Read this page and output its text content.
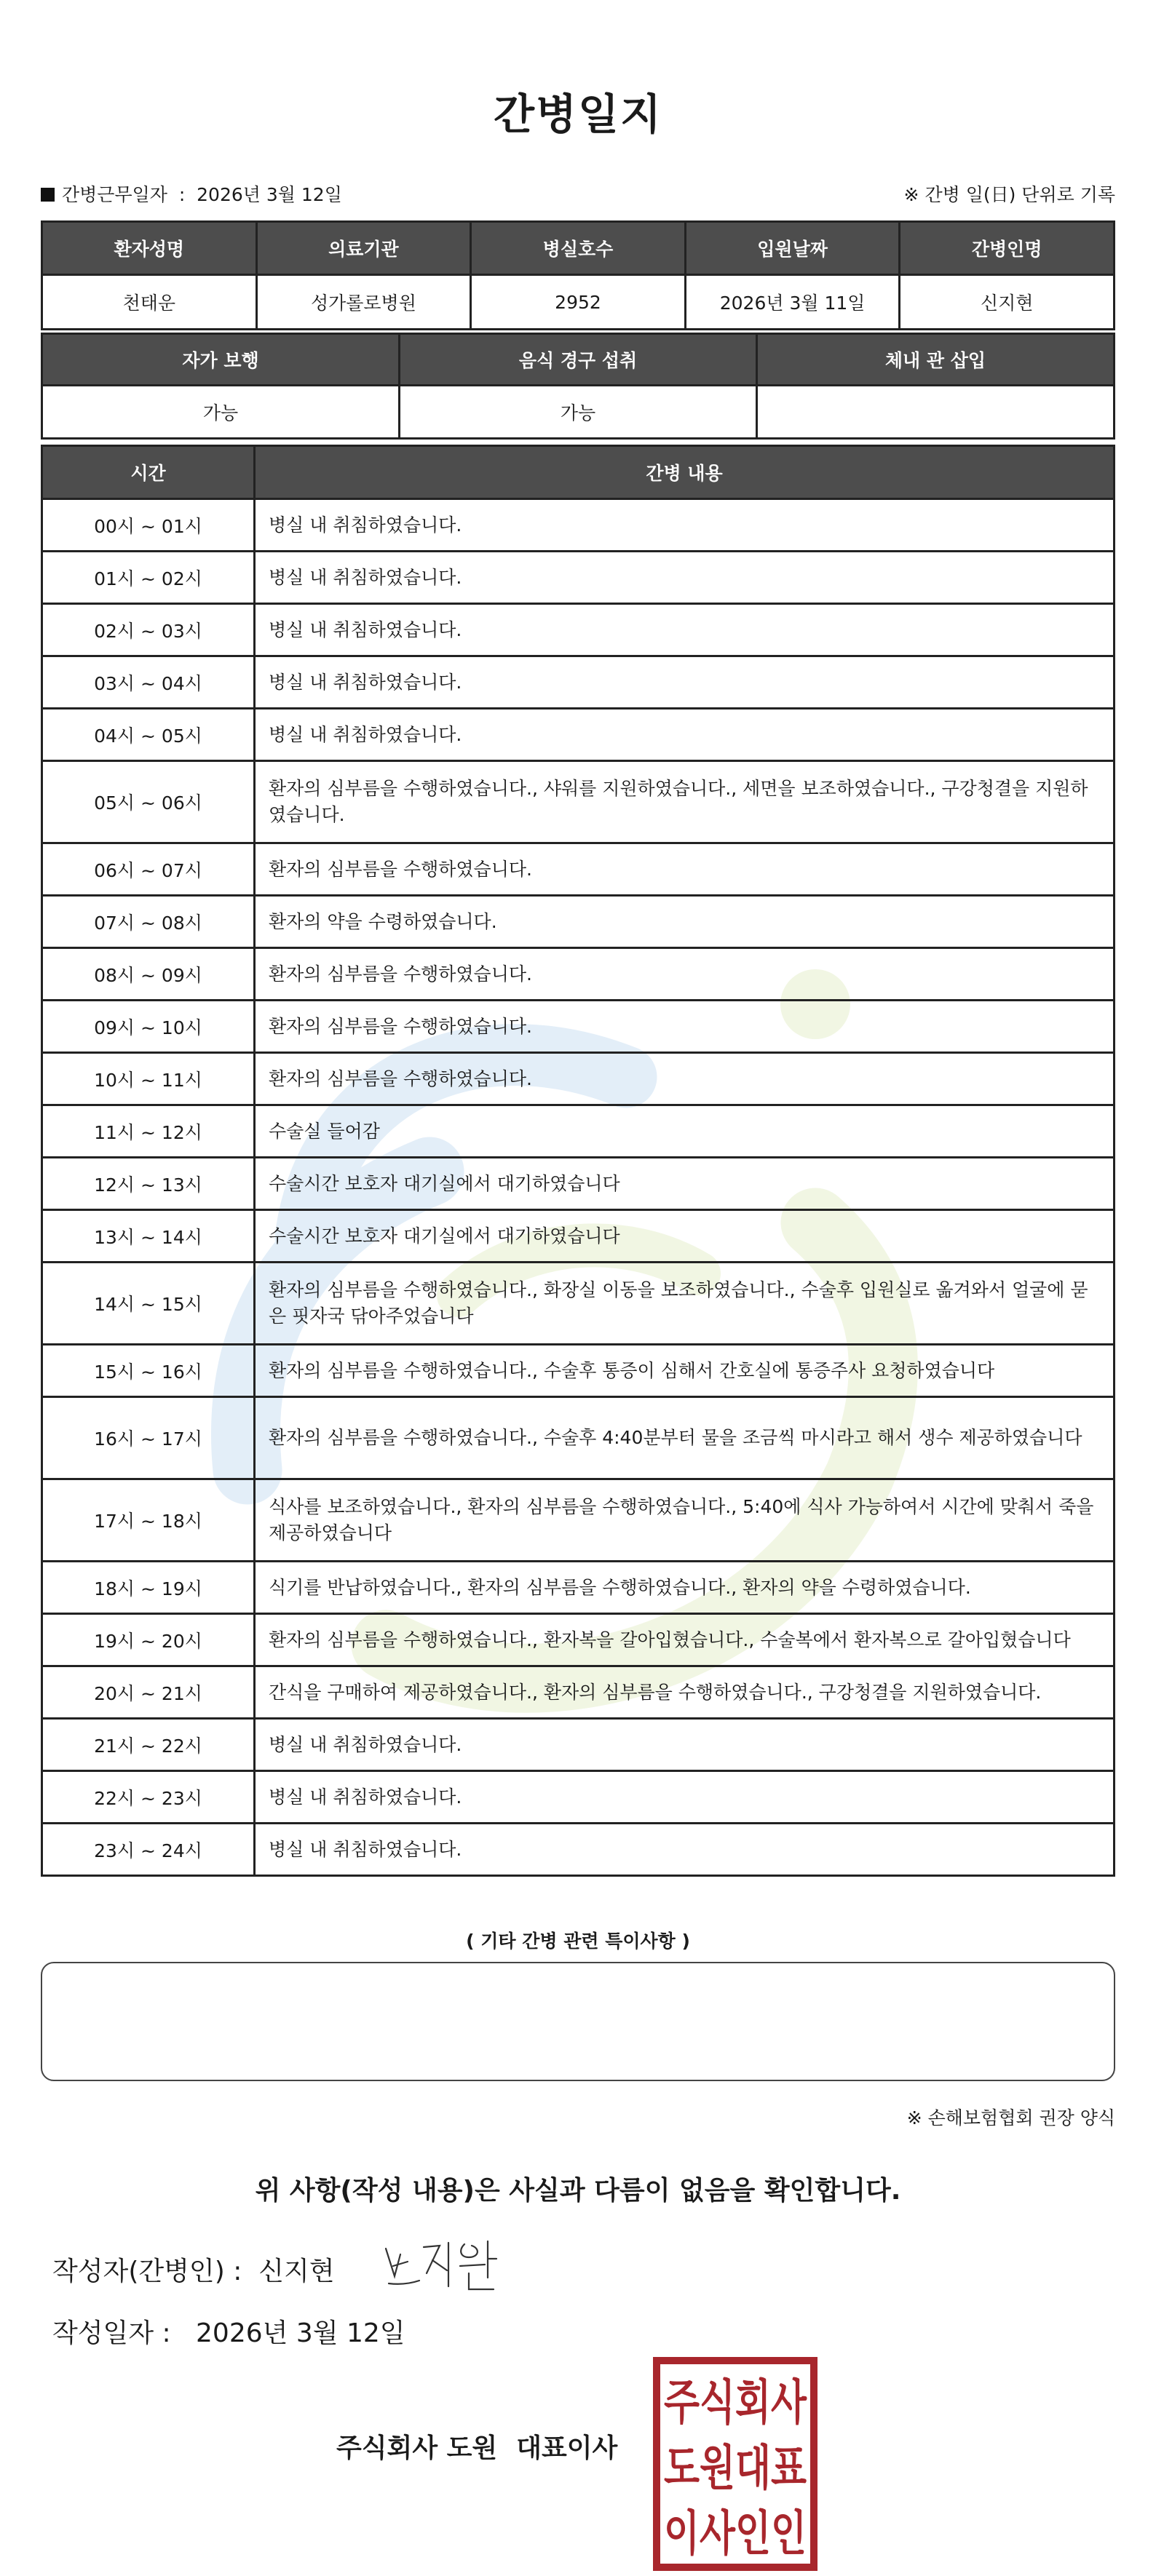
간병일지
간병근무일자 : 2026년 3월 12일	※ 간병 일(日) 단위로 기록
환자성명	의료기관	병실호수	입원날짜	간병인명
천태운	성가롤로병원	2952	2026년 3월 11일	신지현
자가 보행	음식 경구 섭취	체내 관 삽입
가능	가능	
시간	간병 내용
00시 ~ 01시	병실 내 취침하였습니다.
01시 ~ 02시	병실 내 취침하였습니다.
02시 ~ 03시	병실 내 취침하였습니다.
03시 ~ 04시	병실 내 취침하였습니다.
04시 ~ 05시	병실 내 취침하였습니다.
05시 ~ 06시	환자의 심부름을 수행하였습니다., 샤워를 지원하였습니다., 세면을 보조하였습니다., 구강청결을 지원하였습니다.
06시 ~ 07시	환자의 심부름을 수행하였습니다.
07시 ~ 08시	환자의 약을 수령하였습니다.
08시 ~ 09시	환자의 심부름을 수행하였습니다.
09시 ~ 10시	환자의 심부름을 수행하였습니다.
10시 ~ 11시	환자의 심부름을 수행하였습니다.
11시 ~ 12시	수술실 들어감
12시 ~ 13시	수술시간 보호자 대기실에서 대기하였습니다
13시 ~ 14시	수술시간 보호자 대기실에서 대기하였습니다
14시 ~ 15시	환자의 심부름을 수행하였습니다., 화장실 이동을 보조하였습니다., 수술후 입원실로 옮겨와서 얼굴에 묻은 핏자국 닦아주었습니다
15시 ~ 16시	환자의 심부름을 수행하였습니다., 수술후 통증이 심해서 간호실에 통증주사 요청하였습니다
16시 ~ 17시	환자의 심부름을 수행하였습니다., 수술후 4:40분부터 물을 조금씩 마시라고 해서 생수 제공하였습니다
17시 ~ 18시	식사를 보조하였습니다., 환자의 심부름을 수행하였습니다., 5:40에 식사 가능하여서 시간에 맞춰서 죽을 제공하였습니다
18시 ~ 19시	식기를 반납하였습니다., 환자의 심부름을 수행하였습니다., 환자의 약을 수령하였습니다.
19시 ~ 20시	환자의 심부름을 수행하였습니다., 환자복을 갈아입혔습니다., 수술복에서 환자복으로 갈아입혔습니다
20시 ~ 21시	간식을 구매하여 제공하였습니다., 환자의 심부름을 수행하였습니다., 구강청결을 지원하였습니다.
21시 ~ 22시	병실 내 취침하였습니다.
22시 ~ 23시	병실 내 취침하였습니다.
23시 ~ 24시	병실 내 취침하였습니다.
( 기타 간병 관련 특이사항 )
※ 손해보험협회 권장 양식
위 사항(작성 내용)은 사실과 다름이 없음을 확인합니다.
작성자(간병인) : 신지현
작성일자 : 2026년 3월 12일
주식회사 도원 대표이사
주식회사
도원대표
이사인인
